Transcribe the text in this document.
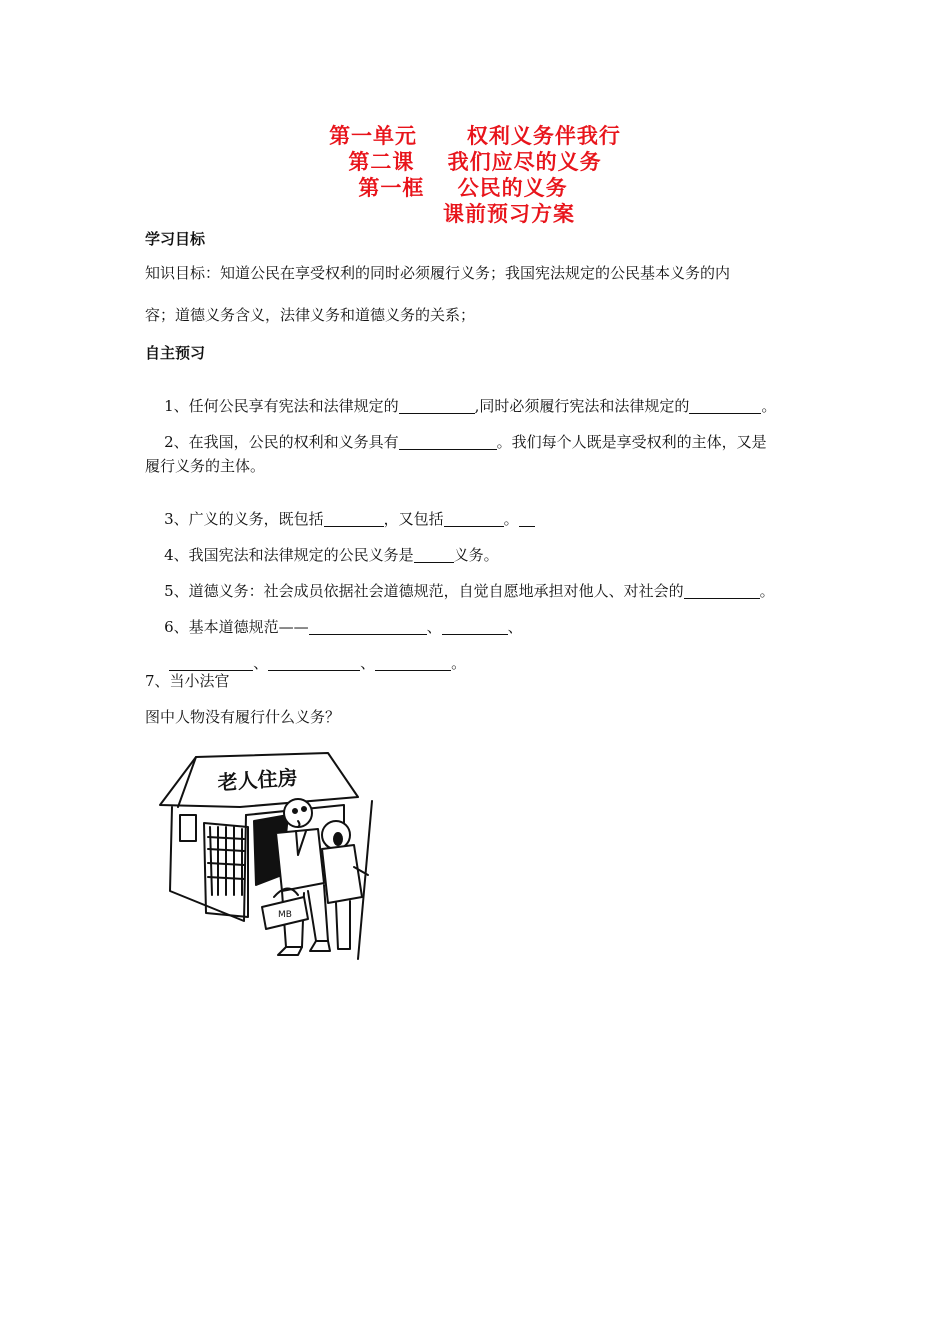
第一单元      权利义务伴我行
第二课    我们应尽的义务
第一框    公民的义务
课前预习方案
学习目标
知识目标：知道公民在享受权利的同时必须履行义务；我国宪法规定的公民基本义务的内
容；道德义务含义，法律义务和道德义务的关系；
自主预习

1、任何公民享有宪法和法律规定的	,同时必须履行宪法和法律规定的	。

2、在我国，公民的权利和义务具有	。我们每个人既是享受权利的主体，又是

履行义务的主体。

3、广义的义务，既包括	，又包括	。

4、我国宪法和法律规定的公民义务是	义务。

5、道德义务：社会成员依据社会道德规范，自觉自愿地承担对他人、对社会的	。

6、基本道德规范——	、	、

、	、	。

7、当小法官
图中人物没有履行什么义务？
老人住房
MB
